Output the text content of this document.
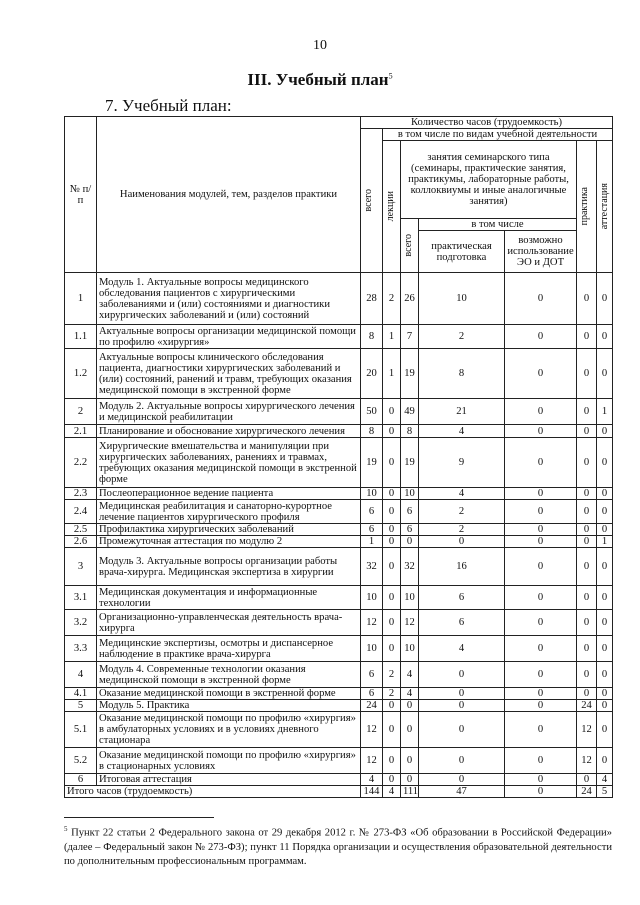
10
III. Учебный план$^5$
7. Учебный план:
№ п/п	Наименования модулей, тем, разделов практики	Количество часов (трудоемкость)						

		всего	в том числе по видам учебной деятельности					

			лекции	занятия семинарского типа (семинары, практические занятия, практикумы, лабораторные работы, коллоквиумы и иные аналогичные занятия)			практика	аттестация

				всего	в том числе			
					практическая подготовка	возможно использование ЭО и ДОТ		
1	Модуль 1. Актуальные вопросы медицинского обследования пациентов с хирургическими заболеваниями и (или) состояниями и диагностики хирургических заболеваний и (или) состояний	28	2	26	10	0	0	0
1.1	Актуальные вопросы организации медицинской помощи по профилю «хирургия»	8	1	7	2	0	0	0
1.2	Актуальные вопросы клинического обследования пациента, диагностики хирургических заболеваний и (или) состояний, ранений и травм, требующих оказания медицинской помощи в экстренной форме	20	1	19	8	0	0	0
2	Модуль 2. Актуальные вопросы хирургического лечения и медицинской реабилитации	50	0	49	21	0	0	1
2.1	Планирование и обоснование хирургического лечения	8	0	8	4	0	0	0
2.2	Хирургические вмешательства и манипуляции при хирургических заболеваниях, ранениях и травмах, требующих оказания медицинской помощи в экстренной форме	19	0	19	9	0	0	0
2.3	Послеоперационное ведение пациента	10	0	10	4	0	0	0
2.4	Медицинская реабилитация и санаторно-курортное лечение пациентов хирургического профиля	6	0	6	2	0	0	0
2.5	Профилактика хирургических заболеваний	6	0	6	2	0	0	0
2.6	Промежуточная аттестация по модулю 2	1	0	0	0	0	0	1
3	Модуль 3. Актуальные вопросы организации работы врача-хирурга. Медицинская экспертиза в хирургии	32	0	32	16	0	0	0
3.1	Медицинская документация и информационные технологии	10	0	10	6	0	0	0
3.2	Организационно-управленческая деятельность врача-хирурга	12	0	12	6	0	0	0
3.3	Медицинские экспертизы, осмотры и диспансерное наблюдение в практике врача-хирурга	10	0	10	4	0	0	0
4	Модуль 4. Современные технологии оказания медицинской помощи в экстренной форме	6	2	4	0	0	0	0
4.1	Оказание медицинской помощи в экстренной форме	6	2	4	0	0	0	0
5	Модуль 5. Практика	24	0	0	0	0	24	0
5.1	Оказание медицинской помощи по профилю «хирургия» в амбулаторных условиях и в условиях дневного стационара	12	0	0	0	0	12	0
5.2	Оказание медицинской помощи по профилю «хирургия» в стационарных условиях	12	0	0	0	0	12	0
6	Итоговая аттестация	4	0	0	0	0	0	4
Итого часов (трудоемкость)		144	4	111	47	0	24	5
$^5$ Пункт 22 статьи 2 Федерального закона от 29 декабря 2012 г. № 273-ФЗ «Об образовании в Российской Федерации» (далее – Федеральный закон № 273-ФЗ); пункт 11 Порядка организации и осуществления образовательной деятельности по дополнительным профессиональным программам.
